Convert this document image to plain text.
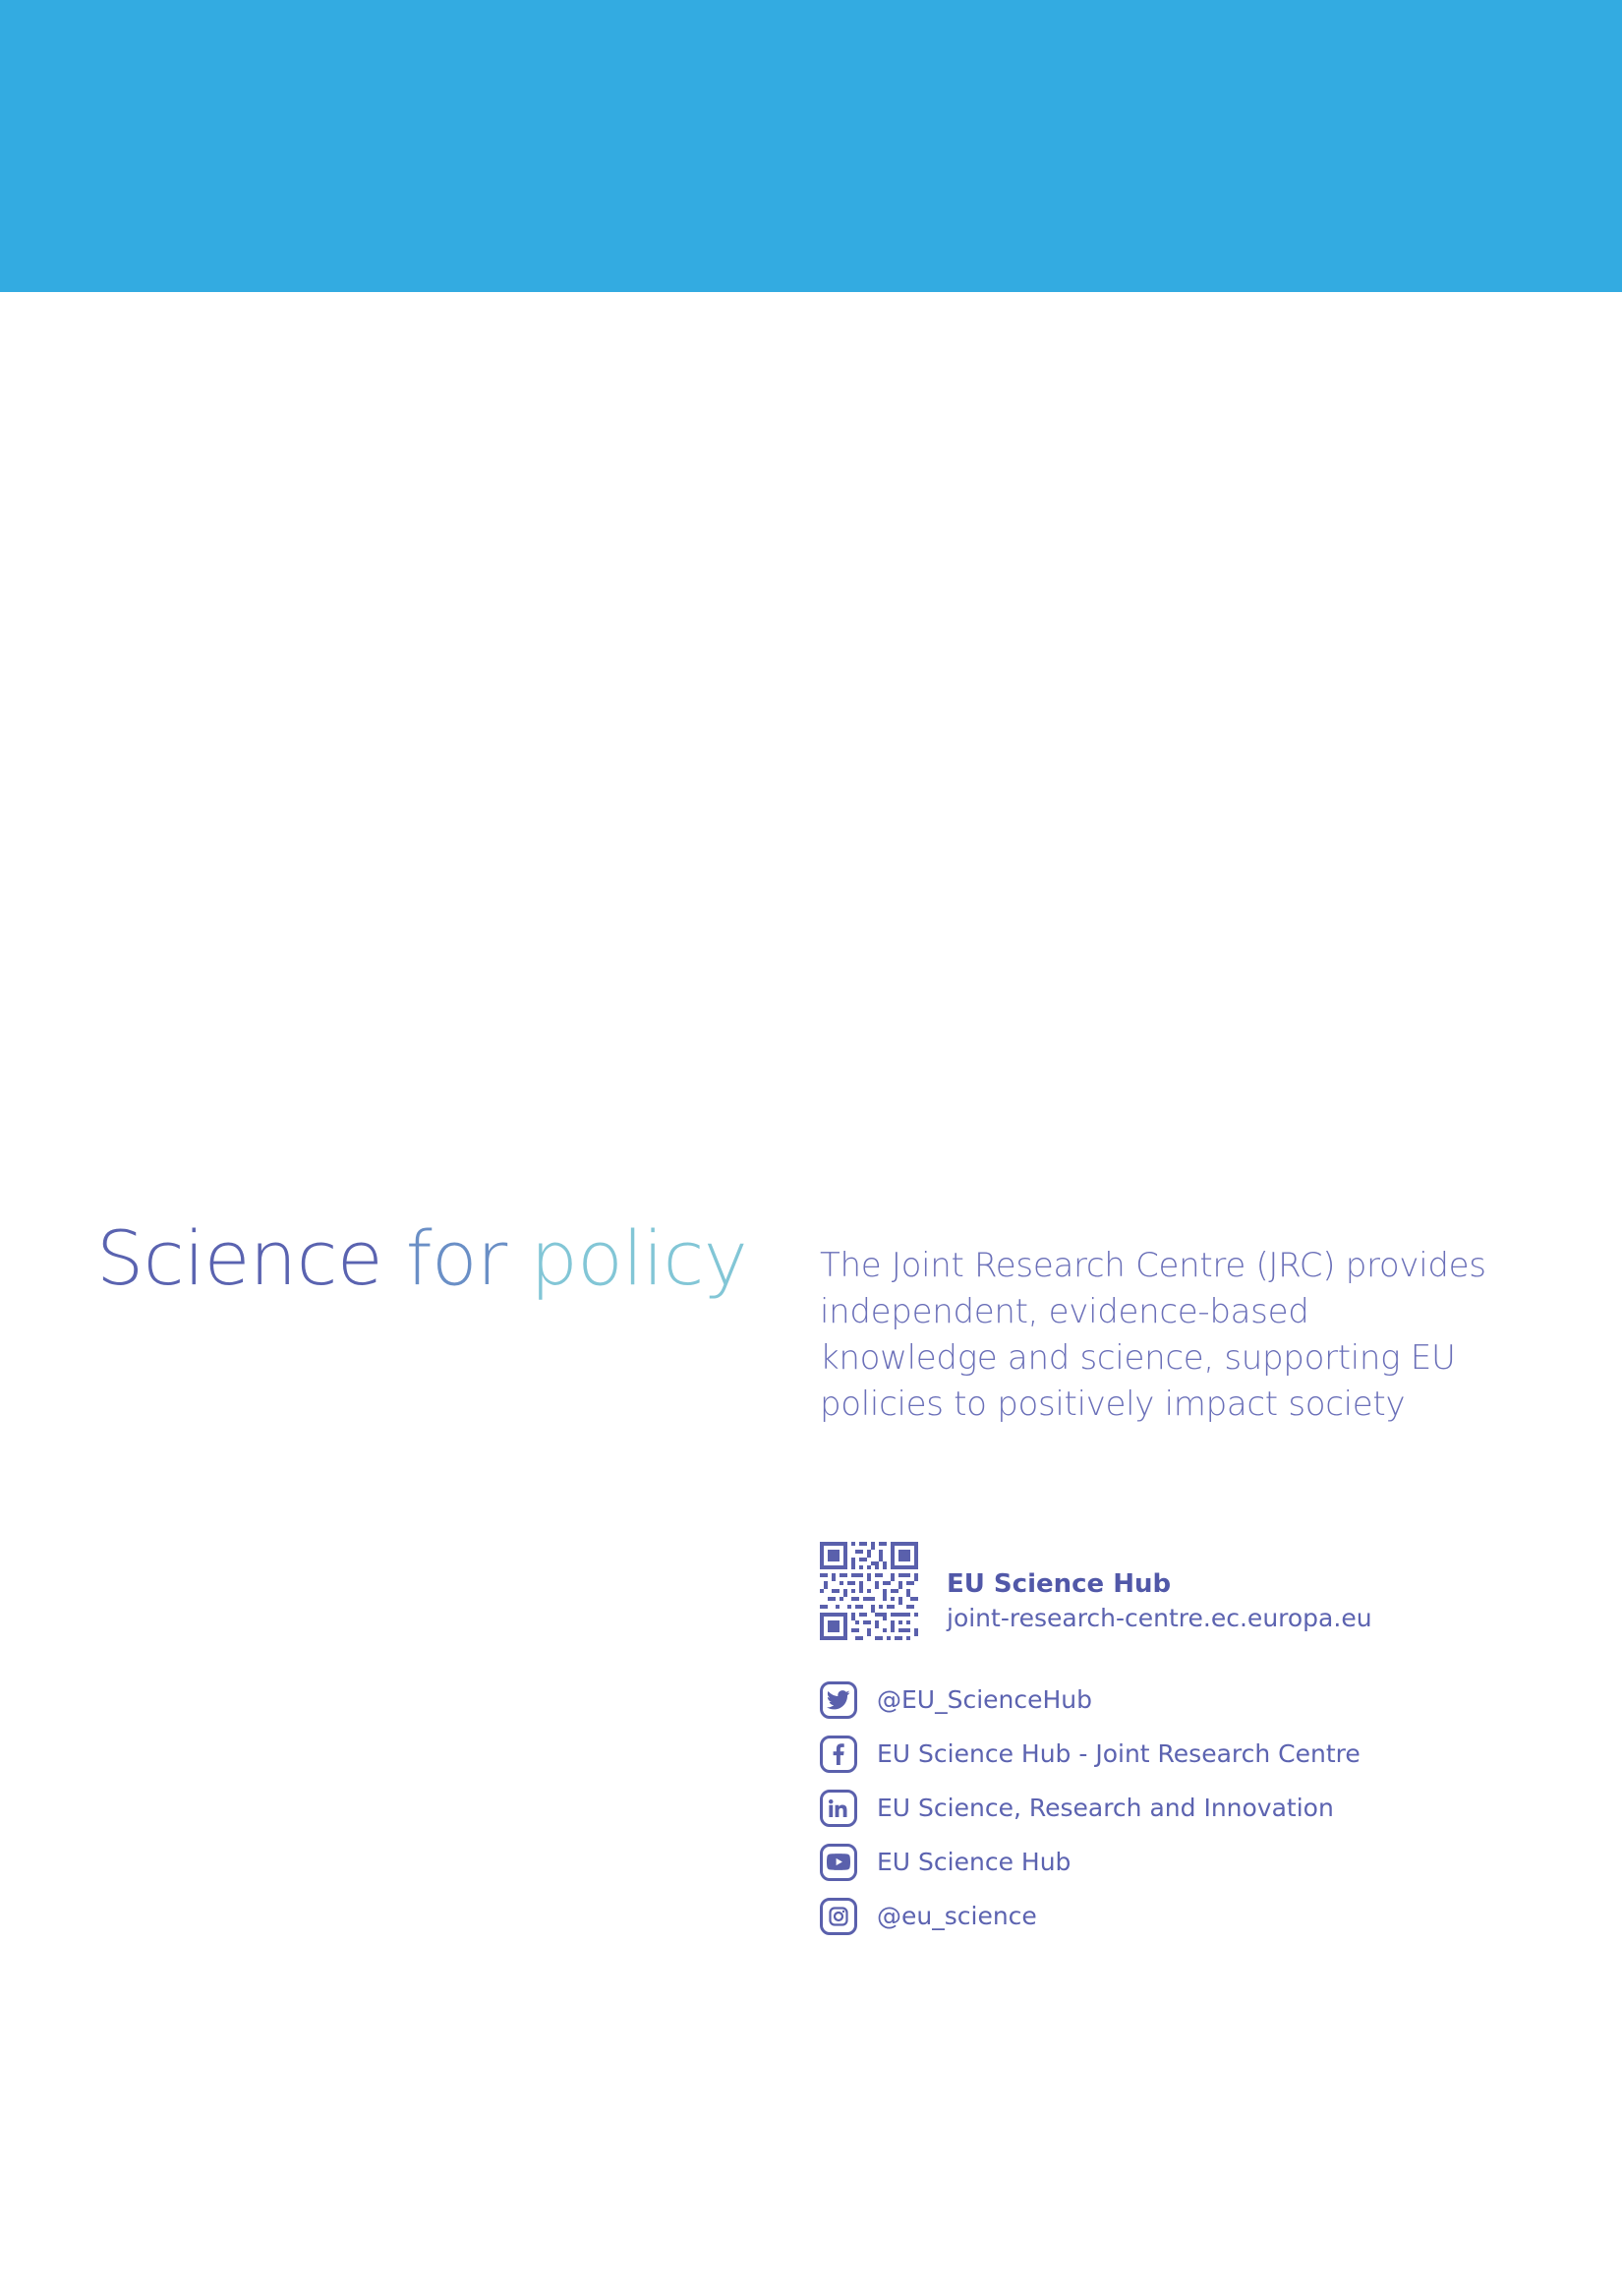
Science for policy The Joint Research Centre (JRC) provides independent, evidence-based knowledge and science, supporting EU policies to positively impact society
EU Science Hub
joint-research-centre.ec.europa.eu
@EU_ScienceHub
EU Science Hub - Joint Research Centre
EU Science, Research and Innovation
EU Science Hub
@eu_science
